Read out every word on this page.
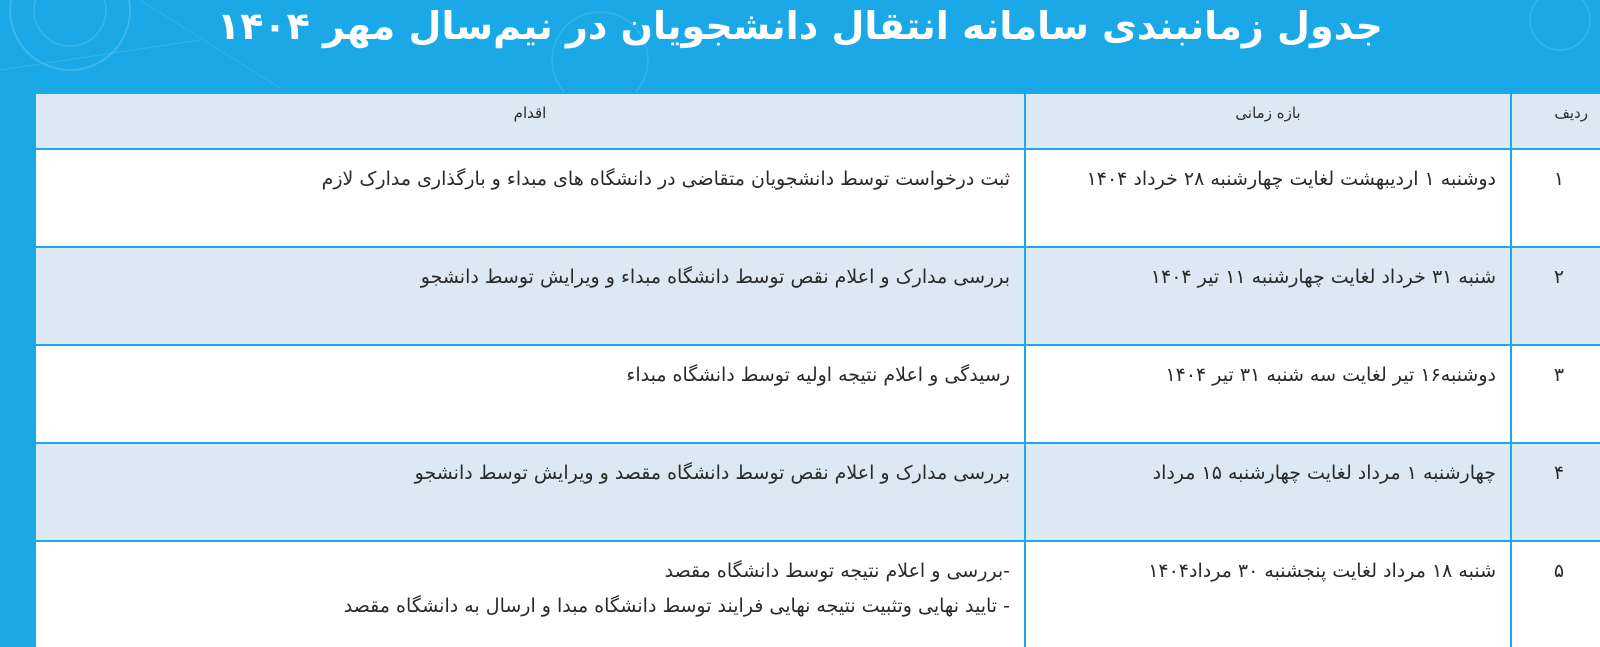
جدول زمانبندی سامانه انتقال دانشجویان در نیم‌سال مهر ۱۴۰۴
ردیف	بازه زمانی	اقدام
۱	دوشنبه ۱ اردیبهشت لغایت چهارشنبه ۲۸ خرداد ۱۴۰۴	ثبت درخواست توسط دانشجویان متقاضی در دانشگاه های مبداء و بارگذاری مدارک لازم

۲	شنبه ۳۱ خرداد لغایت چهارشنبه ۱۱ تیر ۱۴۰۴	بررسی مدارک و اعلام نقص توسط دانشگاه مبداء و ویرایش توسط دانشجو

۳	دوشنبه۱۶ تیر لغایت سه شنبه ۳۱ تیر ۱۴۰۴	رسیدگی و اعلام نتیجه اولیه توسط دانشگاه مبداء

۴	چهارشنبه ۱ مرداد لغایت چهارشنبه ۱۵ مرداد	بررسی مدارک و اعلام نقص توسط دانشگاه مقصد و ویرایش توسط دانشجو

۵	شنبه ۱۸ مرداد لغایت پنجشنبه ۳۰ مرداد۱۴۰۴	-بررسی و اعلام نتیجه توسط دانشگاه مقصد
- تایید نهایی وتثبیت نتیجه نهایی فرایند توسط دانشگاه مبدا و ارسال به دانشگاه مقصد
